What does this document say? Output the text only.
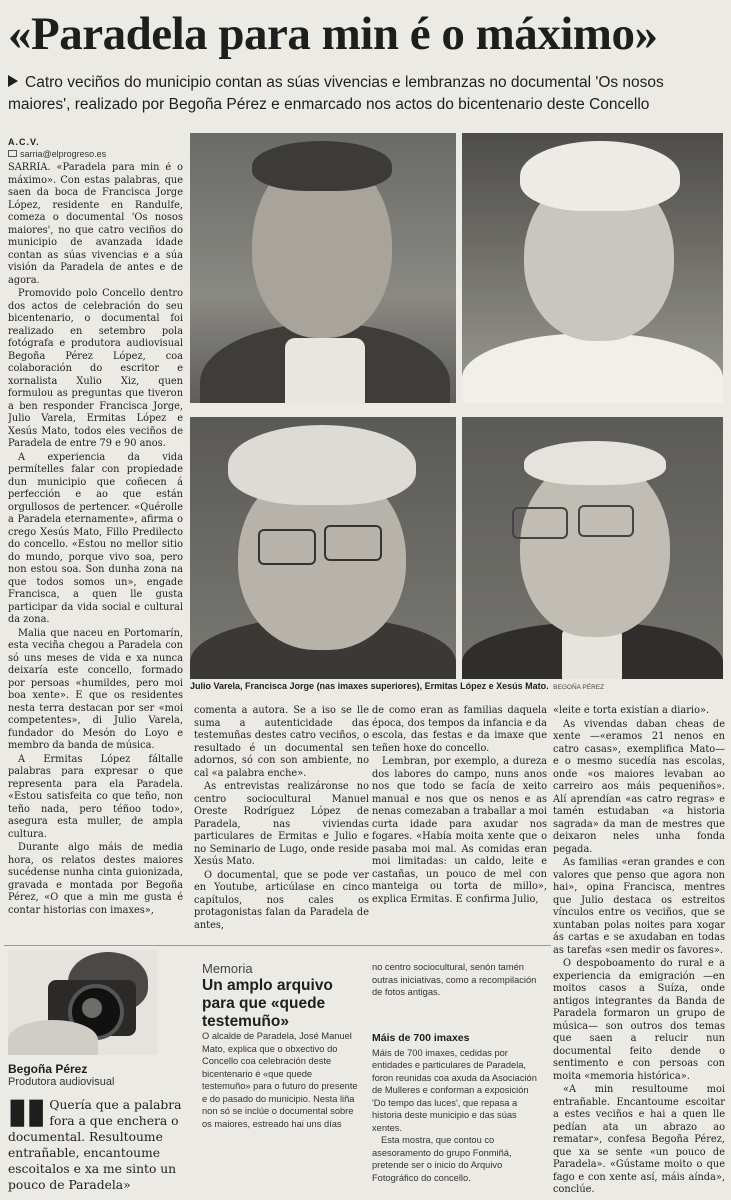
«Paradela para min é o máximo»
Catro veciños do municipio contan as súas vivencias e lembranzas no documental 'Os nosos maiores', realizado por Begoña Pérez e enmarcado nos actos do bicentenario deste Concello
A.C.V.
sarria@elprogreso.es

SARRIA. «Paradela para min é o máximo». Con estas palabras, que saen da boca de Francisca Jorge López, residente en Randulfe, comeza o documental 'Os nosos maiores', no que catro veciños do municipio de avanzada idade contan as súas vivencias e a súa visión da Paradela de antes e de agora.

Promovido polo Concello dentro dos actos de celebración do seu bicentenario, o documental foi realizado en setembro pola fotógrafa e produtora audiovisual Begoña Pérez López, coa colaboración do escritor e xornalista Xulio Xiz, quen formulou as preguntas que tiveron a ben responder Francisca Jorge, Julio Varela, Ermitas López e Xesús Mato, todos eles veciños de Paradela de entre 79 e 90 anos.

A experiencia da vida permítelles falar con propiedade dun municipio que coñecen á perfección e ao que están orgullosos de pertencer. «Quérolle a Paradela eternamente», afirma o crego Xesús Mato, Fillo Predilecto do concello. «Estou no mellor sitio do mundo, porque vivo soa, pero non estou soa. Son dunha zona na que todos somos un», engade Francisca, a quen lle gusta participar da vida social e cultural da zona.

Malia que naceu en Portomarín, esta veciña chegou a Paradela con só uns meses de vida e xa nunca deixaría este concello, formado por persoas «humildes, pero moi boa xente». E que os residentes nesta terra destacan por ser «moi competentes», di Julio Varela, fundador do Mesón do Loyo e membro da banda de música.

A Ermitas López fáltalle palabras para expresar o que representa para ela Paradela. «Estou satisfeita co que teño, non teño nada, pero téñoo todo», asegura esta muller, de ampla cultura.

Durante algo máis de media hora, os relatos destes maiores sucédense nunha cinta guionizada, gravada e montada por Begoña Pérez, «O que a min me gusta é contar historias con imaxes»,

Julio Varela, Francisca Jorge (nas imaxes superiores), Ermitas López e Xesús Mato. BEGOÑA PÉREZ

comenta a autora. Se a iso se lle suma a autenticidade das testemuñas destes catro veciños, o resultado é un documental sen adornos, só con son ambiente, no cal «a palabra enche».

As entrevistas realizáronse no centro sociocultural Manuel Oreste Rodríguez López de Paradela, nas viviendas particulares de Ermitas e Julio e no Seminario de Lugo, onde reside Xesús Mato.

O documental, que se pode ver en Youtube, articúlase en cinco capítulos, nos cales os protagonistas falan da Paradela de antes,

de como eran as familias daquela época, dos tempos da infancia e da escola, das festas e da imaxe que teñen hoxe do concello.

Lembran, por exemplo, a dureza dos labores do campo, nuns anos nos que todo se facía de xeito manual e nos que os nenos e as nenas comezaban a traballar a moi curta idade para axudar nos fogares. «Había moita xente que o pasaba moi mal. As comidas eran moi limitadas: un caldo, leite e castañas, un pouco de mel con manteiga ou torta de millo», explica Ermitas. E confirma Julio,

«leite e torta existían a diario».

As vivendas daban cheas de xente —«eramos 21 nenos en catro casas», exemplifica Mato— e o mesmo sucedía nas escolas, onde «os maiores levaban ao carreiro aos máis pequeniños». Alí aprendían «as catro regras» e tamén estudaban «a historia sagrada» da man de mestres que deixaron neles unha fonda pegada.

As familias «eran grandes e con valores que penso que agora non hai», opina Francisca, mentres que Julio destaca os estreitos vínculos entre os veciños, que se xuntaban polas noites para xogar ás cartas e se axudaban en todas as tarefas «sen medir os favores».

O despoboamento do rural e a experiencia da emigración —en moitos casos a Suíza, onde antigos integrantes da Banda de Paradela formaron un grupo de música— son outros dos temas que saen a relucir nun documental feito dende o sentimento e con persoas con moita «memoria histórica».

«A min resultoume moi entrañable. Encantoume escoitar a estes veciños e hai a quen lle pedían ata un abrazo ao rematar», confesa Begoña Pérez, que xa se sente «un pouco de Paradela». «Gústame moito o que fago e con xente así, máis aínda», conclúe.

Begoña Pérez
Produtora audiovisual
▮▮ Quería que a palabra fora a que enchera o documental. Resultoume entrañable, encantoume escoitalos e xa me sinto un pouco de Paradela»
Memoria
Un amplo arquivo para que «quede testemuño»

O alcalde de Paradela, José Manuel Mato, explica que o obxectivo do Concello coa celebración deste bicentenario é «que quede testemuño» para o futuro do presente e do pasado do municipio. Nesta liña non só se inclúe o documental sobre os maiores, estreado hai uns días

no centro sociocultural, senón tamén outras iniciativas, como a recompilación de fotos antigas.

Máis de 700 imaxes

Máis de 700 imaxes, cedidas por entidades e particulares de Paradela, foron reunidas coa axuda da Asociación de Mulleres e conforman a exposición 'Do tempo das luces', que repasa a historia deste municipio e das súas xentes.

Esta mostra, que contou co asesoramento do grupo Fonmiñá, pretende ser o inicio do Arquivo Fotográfico do concello.
